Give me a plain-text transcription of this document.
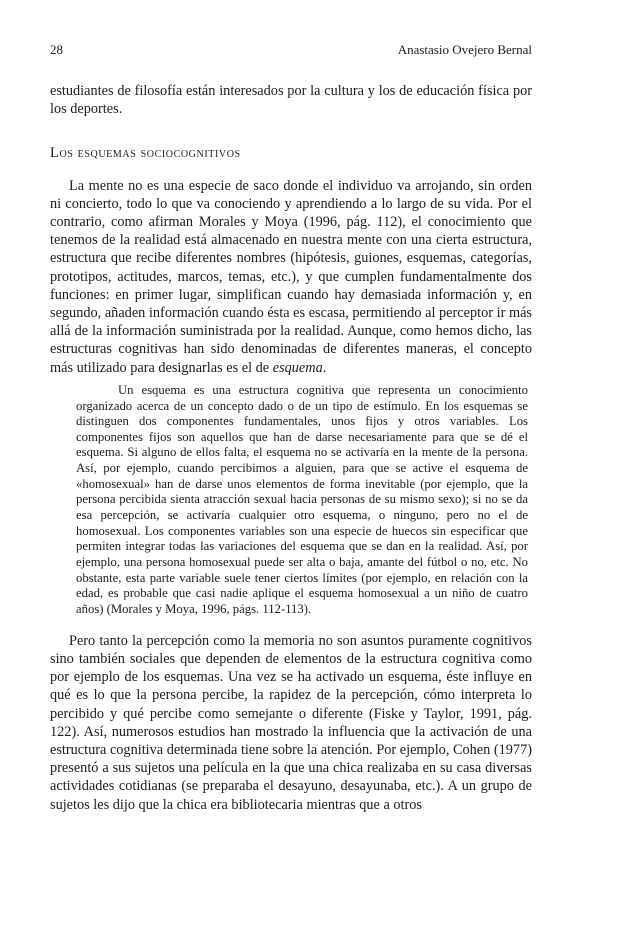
28	Anastasio Ovejero Bernal

estudiantes de filosofía están interesados por la cultura y los de educación física por los deportes.

Los esquemas sociocognitivos

La mente no es una especie de saco donde el individuo va arrojando, sin orden ni concierto, todo lo que va conociendo y aprendiendo a lo largo de su vida. Por el contrario, como afirman Morales y Moya (1996, pág. 112), el conocimiento que tenemos de la realidad está almacenado en nuestra mente con una cierta estructura, estructura que recibe diferentes nombres (hipótesis, guiones, esquemas, categorías, prototipos, actitudes, marcos, temas, etc.), y que cumplen fundamentalmente dos funciones: en primer lugar, simplifican cuando hay demasiada información y, en segundo, añaden información cuando ésta es escasa, permitiendo al perceptor ir más allá de la información suministrada por la realidad. Aunque, como hemos dicho, las estructuras cognitivas han sido denominadas de diferentes maneras, el concepto más utilizado para designarlas es el de esquema.

Un esquema es una estructura cognitiva que representa un conocimiento organizado acerca de un concepto dado o de un tipo de estímulo. En los esquemas se distinguen dos componentes fundamentales, unos fijos y otros variables. Los componentes fijos son aquellos que han de darse necesariamente para que se dé el esquema. Si alguno de ellos falta, el esquema no se activaría en la mente de la persona. Así, por ejemplo, cuando percibimos a alguien, para que se active el esquema de «homosexual» han de darse unos elementos de forma inevitable (por ejemplo, que la persona percibida sienta atracción sexual hacia personas de su mismo sexo); si no se da esa percepción, se activaría cualquier otro esquema, o ninguno, pero no el de homosexual. Los componentes variables son una especie de huecos sin especificar que permiten integrar todas las variaciones del esquema que se dan en la realidad. Así, por ejemplo, una persona homosexual puede ser alta o baja, amante del fútbol o no, etc. No obstante, esta parte variable suele tener ciertos límites (por ejemplo, en relación con la edad, es probable que casi nadie aplique el esquema homosexual a un niño de cuatro años) (Morales y Moya, 1996, págs. 112-113).

Pero tanto la percepción como la memoria no son asuntos puramente cognitivos sino también sociales que dependen de elementos de la estructura cognitiva como por ejemplo de los esquemas. Una vez se ha activado un esquema, éste influye en qué es lo que la persona percibe, la rapidez de la percepción, cómo interpreta lo percibido y qué percibe como semejante o diferente (Fiske y Taylor, 1991, pág. 122). Así, numerosos estudios han mostrado la influencia que la activación de una estructura cognitiva determinada tiene sobre la atención. Por ejemplo, Cohen (1977) presentó a sus sujetos una película en la que una chica realizaba en su casa diversas actividades cotidianas (se preparaba el desayuno, desayunaba, etc.). A un grupo de sujetos les dijo que la chica era bibliotecaria mientras que a otros
